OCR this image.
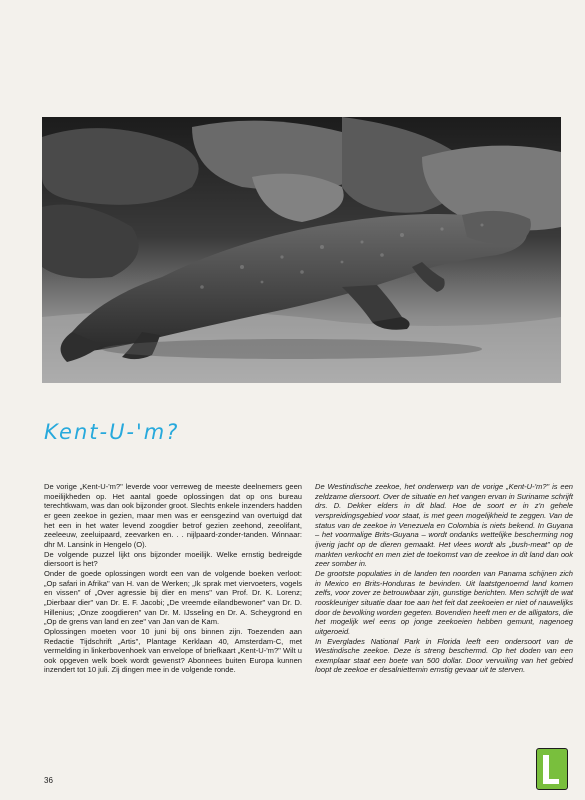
Kent-U-'m?

De vorige „Kent-U-'m?" leverde voor verreweg de meeste deelnemers geen moeilijkheden op. Het aantal goede oplossingen dat op ons bureau terechtkwam, was dan ook bijzonder groot. Slechts enkele inzenders hadden er geen zeekoe in gezien, maar men was er eensgezind van overtuigd dat het een in het water levend zoogdier betrof gezien zeehond, zeeolifant, zeeleeuw, zeeluipaard, zeevarken en. . . nijlpaard-zonder-tanden. Winnaar: dhr M. Lansink in Hengelo (O).

De volgende puzzel lijkt ons bijzonder moeilijk. Welke ernstig bedreigde diersoort is het?

Onder de goede oplossingen wordt een van de volgende boeken verloot: „Op safari in Afrika" van H. van de Werken; „Ik sprak met viervoeters, vogels en vissen" of „Over agressie bij dier en mens" van Prof. Dr. K. Lorenz; „Dierbaar dier" van Dr. E. F. Jacobi; „De vreemde eilandbewoner" van Dr. D. Hillenius; „Onze zoogdieren" van Dr. M. IJsseling en Dr. A. Scheygrond en „Op de grens van land en zee" van Jan van de Kam.

Oplossingen moeten voor 10 juni bij ons binnen zijn. Toezenden aan Redactie Tijdschrift „Artis", Plantage Kerklaan 40, Amsterdam-C, met vermelding in linkerbovenhoek van envelope of briefkaart „Kent-U-'m?" Wilt u ook opgeven welk boek wordt gewenst? Abonnees buiten Europa kunnen inzendert tot 10 juli. Zij dingen mee in de volgende ronde.

De Westindische zeekoe, het onderwerp van de vorige „Kent-U-'m?" is een zeldzame diersoort. Over de situatie en het vangen ervan in Suriname schrijft drs. D. Dekker elders in dit blad. Hoe de soort er in z'n gehele verspreidingsgebied voor staat, is met geen mogelijkheid te zeggen. Van de status van de zeekoe in Venezuela en Colombia is niets bekend. In Guyana – het voormalige Brits-Guyana – wordt ondanks wettelijke bescherming nog ijverig jacht op de dieren gemaakt. Het vlees wordt als „bush-meat" op de markten verkocht en men ziet de toekomst van de zeekoe in dit land dan ook zeer somber in.

De grootste populaties in de landen ten noorden van Panama schijnen zich in Mexico en Brits-Honduras te bevinden. Uit laatstgenoemd land komen zelfs, voor zover ze betrouwbaar zijn, gunstige berichten. Men schrijft de wat rooskleuriger situatie daar toe aan het feit dat zeekoeien er niet of nauwelijks door de bevolking worden gegeten. Bovendien heeft men er de alligators, die het mogelijk wel eens op jonge zeekoeien hebben gemunt, nagenoeg uitgeroeid.

In Everglades National Park in Florida leeft een ondersoort van de Westindische zeekoe. Deze is streng beschermd. Op het doden van een exemplaar staat een boete van 500 dollar. Door vervuiling van het gebied loopt de zeekoe er desalniettemin ernstig gevaar uit te sterven.

36
